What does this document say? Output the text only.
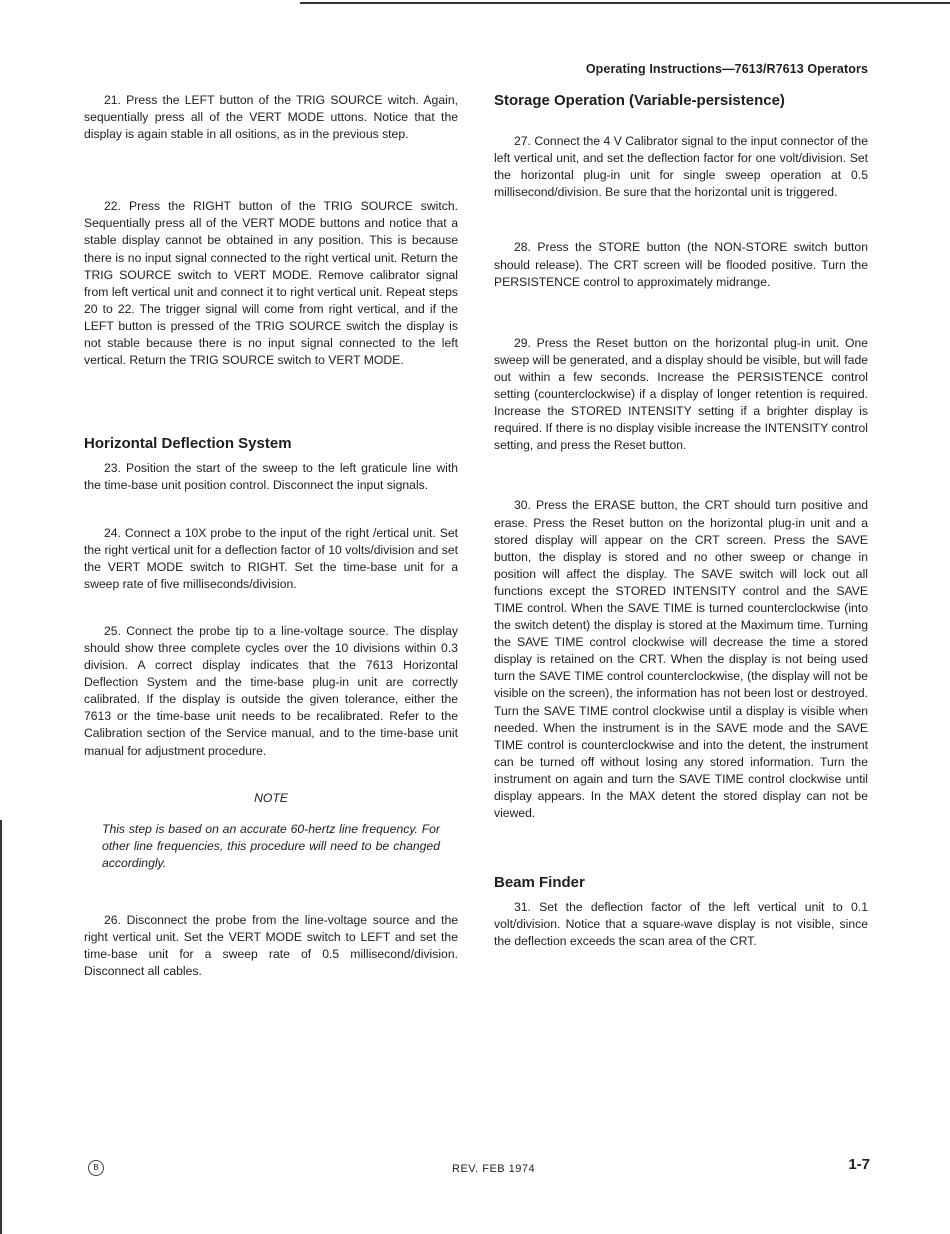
Operating Instructions—7613/R7613 Operators

21. Press the LEFT button of the TRIG SOURCE witch. Again, sequentially press all of the VERT MODE uttons. Notice that the display is again stable in all ositions, as in the previous step.

22. Press the RIGHT button of the TRIG SOURCE switch. Sequentially press all of the VERT MODE buttons and notice that a stable display cannot be obtained in any position. This is because there is no input signal connected to the right vertical unit. Return the TRIG SOURCE switch to VERT MODE. Remove calibrator signal from left vertical unit and connect it to right vertical unit. Repeat steps 20 to 22. The trigger signal will come from right vertical, and if the LEFT button is pressed of the TRIG SOURCE switch the display is not stable because there is no input signal connected to the left vertical. Return the TRIG SOURCE switch to VERT MODE.

Horizontal Deflection System

23. Position the start of the sweep to the left graticule line with the time-base unit position control. Disconnect the input signals.

24. Connect a 10X probe to the input of the right /ertical unit. Set the right vertical unit for a deflection factor of 10 volts/division and set the VERT MODE switch to RIGHT. Set the time-base unit for a sweep rate of five milliseconds/division.

25. Connect the probe tip to a line-voltage source. The display should show three complete cycles over the 10 divisions within 0.3 division. A correct display indicates that the 7613 Horizontal Deflection System and the time-base plug-in unit are correctly calibrated. If the display is outside the given tolerance, either the 7613 or the time-base unit needs to be recalibrated. Refer to the Calibration section of the Service manual, and to the time-base unit manual for adjustment procedure.

NOTE

This step is based on an accurate 60-hertz line frequency. For other line frequencies, this procedure will need to be changed accordingly.

26. Disconnect the probe from the line-voltage source and the right vertical unit. Set the VERT MODE switch to LEFT and set the time-base unit for a sweep rate of 0.5 millisecond/division. Disconnect all cables.

Storage Operation (Variable-persistence)

27. Connect the 4 V Calibrator signal to the input connector of the left vertical unit, and set the deflection factor for one volt/division. Set the horizontal plug-in unit for single sweep operation at 0.5 millisecond/division. Be sure that the horizontal unit is triggered.

28. Press the STORE button (the NON-STORE switch button should release). The CRT screen will be flooded positive. Turn the PERSISTENCE control to approximately midrange.

29. Press the Reset button on the horizontal plug-in unit. One sweep will be generated, and a display should be visible, but will fade out within a few seconds. Increase the PERSISTENCE control setting (counterclockwise) if a display of longer retention is required. Increase the STORED INTENSITY setting if a brighter display is required. If there is no display visible increase the INTENSITY control setting, and press the Reset button.

30. Press the ERASE button, the CRT should turn positive and erase. Press the Reset button on the horizontal plug-in unit and a stored display will appear on the CRT screen. Press the SAVE button, the display is stored and no other sweep or change in position will affect the display. The SAVE switch will lock out all functions except the STORED INTENSITY control and the SAVE TIME control. When the SAVE TIME is turned counterclockwise (into the switch detent) the display is stored at the Maximum time. Turning the SAVE TIME control clockwise will decrease the time a stored display is retained on the CRT. When the display is not being used turn the SAVE TIME control counterclockwise, (the display will not be visible on the screen), the information has not been lost or destroyed. Turn the SAVE TIME control clockwise until a display is visible when needed. When the instrument is in the SAVE mode and the SAVE TIME control is counterclockwise and into the detent, the instrument can be turned off without losing any stored information. Turn the instrument on again and turn the SAVE TIME control clockwise until display appears. In the MAX detent the stored display can not be viewed.

Beam Finder

31. Set the deflection factor of the left vertical unit to 0.1 volt/division. Notice that a square-wave display is not visible, since the deflection exceeds the scan area of the CRT.

B	REV. FEB 1974	1-7
